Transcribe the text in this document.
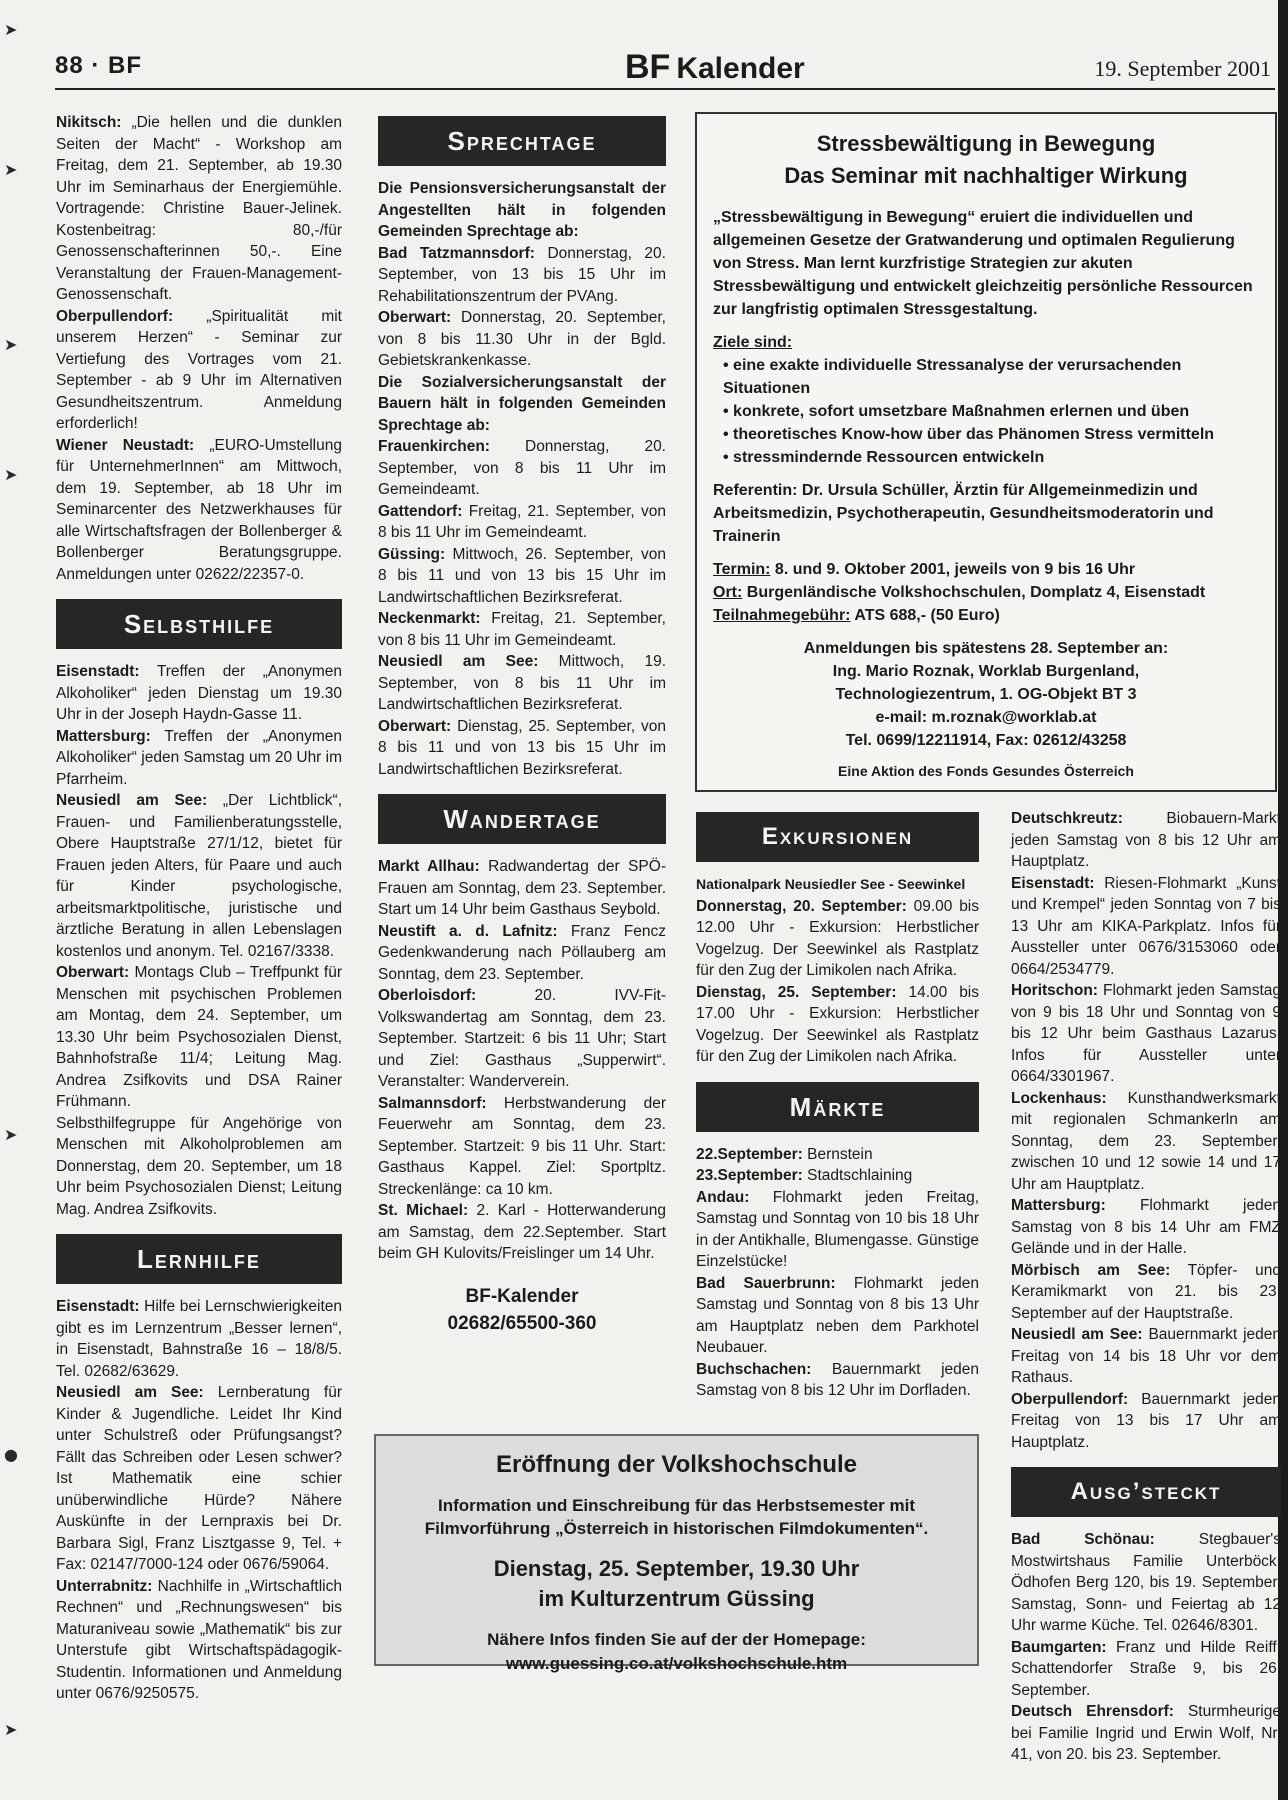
➤
➤
➤
➤
➤
●
➤
88 · BF	BF Kalender	19. September 2001

Nikitsch: „Die hellen und die dunklen Seiten der Macht“ - Workshop am Freitag, dem 21. September, ab 19.30 Uhr im Seminarhaus der Energiemühle. Vortragende: Christine Bauer-Jelinek. Kostenbeitrag: 80,-/für Genossenschafterinnen 50,-. Eine Veranstaltung der Frauen-Management-Genossenschaft.

Oberpullendorf: „Spiritualität mit unserem Herzen“ - Seminar zur Vertiefung des Vortrages vom 21. September - ab 9 Uhr im Alternativen Gesundheitszentrum. Anmeldung erforderlich!

Wiener Neustadt: „EURO-Umstellung für UnternehmerInnen“ am Mittwoch, dem 19. September, ab 18 Uhr im Seminarcenter des Netzwerkhauses für alle Wirtschaftsfragen der Bollenberger & Bollenberger Beratungsgruppe. Anmeldungen unter 02622/22357-0.

Selbsthilfe

Eisenstadt: Treffen der „Anonymen Alkoholiker“ jeden Dienstag um 19.30 Uhr in der Joseph Haydn-Gasse 11.

Mattersburg: Treffen der „Anonymen Alkoholiker“ jeden Samstag um 20 Uhr im Pfarrheim.

Neusiedl am See: „Der Lichtblick“, Frauen- und Familienberatungsstelle, Obere Hauptstraße 27/1/12, bietet für Frauen jeden Alters, für Paare und auch für Kinder psychologische, arbeitsmarktpolitische, juristische und ärztliche Beratung in allen Lebenslagen kostenlos und anonym. Tel. 02167/3338.

Oberwart: Montags Club – Treffpunkt für Menschen mit psychischen Problemen am Montag, dem 24. September, um 13.30 Uhr beim Psychosozialen Dienst, Bahnhofstraße 11/4; Leitung Mag. Andrea Zsifkovits und DSA Rainer Frühmann.

Selbsthilfegruppe für Angehörige von Menschen mit Alkoholproblemen am Donnerstag, dem 20. September, um 18 Uhr beim Psychosozialen Dienst; Leitung Mag. Andrea Zsifkovits.

Lernhilfe

Eisenstadt: Hilfe bei Lernschwierigkeiten gibt es im Lernzentrum „Besser lernen“, in Eisenstadt, Bahnstraße 16 – 18/8/5. Tel. 02682/63629.

Neusiedl am See: Lernberatung für Kinder & Jugendliche. Leidet Ihr Kind unter Schulstreß oder Prüfungsangst? Fällt das Schreiben oder Lesen schwer? Ist Mathematik eine schier unüberwindliche Hürde? Nähere Auskünfte in der Lernpraxis bei Dr. Barbara Sigl, Franz Lisztgasse 9, Tel. + Fax: 02147/7000-124 oder 0676/59064.

Unterrabnitz: Nachhilfe in „Wirtschaftlich Rechnen“ und „Rechnungswesen“ bis Maturaniveau sowie „Mathematik“ bis zur Unterstufe gibt Wirtschaftspädagogik-Studentin. Informationen und Anmeldung unter 0676/9250575.

Sprechtage

Die Pensionsversicherungsanstalt der Angestellten hält in folgenden Gemeinden Sprechtage ab:

Bad Tatzmannsdorf: Donnerstag, 20. September, von 13 bis 15 Uhr im Rehabilitationszentrum der PVAng.

Oberwart: Donnerstag, 20. September, von 8 bis 11.30 Uhr in der Bgld. Gebietskrankenkasse.

Die Sozialversicherungsanstalt der Bauern hält in folgenden Gemeinden Sprechtage ab:

Frauenkirchen: Donnerstag, 20. September, von 8 bis 11 Uhr im Gemeindeamt.

Gattendorf: Freitag, 21. September, von 8 bis 11 Uhr im Gemeindeamt.

Güssing: Mittwoch, 26. September, von 8 bis 11 und von 13 bis 15 Uhr im Landwirtschaftlichen Bezirksreferat.

Neckenmarkt: Freitag, 21. September, von 8 bis 11 Uhr im Gemeindeamt.

Neusiedl am See: Mittwoch, 19. September, von 8 bis 11 Uhr im Landwirtschaftlichen Bezirksreferat.

Oberwart: Dienstag, 25. September, von 8 bis 11 und von 13 bis 15 Uhr im Landwirtschaftlichen Bezirksreferat.

Wandertage

Markt Allhau: Radwandertag der SPÖ-Frauen am Sonntag, dem 23. September. Start um 14 Uhr beim Gasthaus Seybold.

Neustift a. d. Lafnitz: Franz Fencz Gedenkwanderung nach Pöllauberg am Sonntag, dem 23. September.

Oberloisdorf: 20. IVV-Fit-Volkswandertag am Sonntag, dem 23. September. Startzeit: 6 bis 11 Uhr; Start und Ziel: Gasthaus „Supperwirt“. Veranstalter: Wanderverein.

Salmannsdorf: Herbstwanderung der Feuerwehr am Sonntag, dem 23. September. Startzeit: 9 bis 11 Uhr. Start: Gasthaus Kappel. Ziel: Sportpltz. Streckenlänge: ca 10 km.

St. Michael: 2. Karl - Hotterwanderung am Samstag, dem 22.September. Start beim GH Kulovits/Freislinger um 14 Uhr.

BF-Kalender
02682/65500-360
Stressbewältigung in Bewegung
Das Seminar mit nachhaltiger Wirkung

„Stressbewältigung in Bewegung“ eruiert die individuellen und allgemeinen Gesetze der Gratwanderung und optimalen Regulierung von Stress. Man lernt kurzfristige Strategien zur akuten Stressbewältigung und entwickelt gleichzeitig persönliche Ressourcen zur langfristig optimalen Stressgestaltung.

Ziele sind:

• eine exakte individuelle Stressanalyse der verursachenden Situationen
• konkrete, sofort umsetzbare Maßnahmen erlernen und üben
• theoretisches Know-how über das Phänomen Stress vermitteln
• stressmindernde Ressourcen entwickeln

Referentin: Dr. Ursula Schüller, Ärztin für Allgemeinmedizin und Arbeitsmedizin, Psychotherapeutin, Gesundheitsmoderatorin und Trainerin

Termin: 8. und 9. Oktober 2001, jeweils von 9 bis 16 Uhr

Ort: Burgenländische Volkshochschulen, Domplatz 4, Eisenstadt

Teilnahmegebühr: ATS 688,- (50 Euro)

Anmeldungen bis spätestens 28. September an:
Ing. Mario Roznak, Worklab Burgenland,
Technologiezentrum, 1. OG-Objekt BT 3
e-mail: m.roznak@worklab.at
Tel. 0699/12211914, Fax: 02612/43258
Eine Aktion des Fonds Gesundes Österreich
Exkursionen

Nationalpark Neusiedler See - Seewinkel

Donnerstag, 20. September: 09.00 bis 12.00 Uhr - Exkursion: Herbstlicher Vogelzug. Der Seewinkel als Rastplatz für den Zug der Limikolen nach Afrika.

Dienstag, 25. September: 14.00 bis 17.00 Uhr - Exkursion: Herbstlicher Vogelzug. Der Seewinkel als Rastplatz für den Zug der Limikolen nach Afrika.

Märkte

22.September: Bernstein

23.September: Stadtschlaining

Andau: Flohmarkt jeden Freitag, Samstag und Sonntag von 10 bis 18 Uhr in der Antikhalle, Blumengasse. Günstige Einzelstücke!

Bad Sauerbrunn: Flohmarkt jeden Samstag und Sonntag von 8 bis 13 Uhr am Hauptplatz neben dem Parkhotel Neubauer.

Buchschachen: Bauernmarkt jeden Samstag von 8 bis 12 Uhr im Dorfladen.

Deutschkreutz: Biobauern-Markt jeden Samstag von 8 bis 12 Uhr am Hauptplatz.

Eisenstadt: Riesen-Flohmarkt „Kunst und Krempel“ jeden Sonntag von 7 bis 13 Uhr am KIKA-Parkplatz. Infos für Aussteller unter 0676/3153060 oder 0664/2534779.

Horitschon: Flohmarkt jeden Samstag von 9 bis 18 Uhr und Sonntag von 9 bis 12 Uhr beim Gasthaus Lazarus. Infos für Aussteller unter 0664/3301967.

Lockenhaus: Kunsthandwerksmarkt mit regionalen Schmankerln am Sonntag, dem 23. September, zwischen 10 und 12 sowie 14 und 17 Uhr am Hauptplatz.

Mattersburg: Flohmarkt jeden Samstag von 8 bis 14 Uhr am FMZ Gelände und in der Halle.

Mörbisch am See: Töpfer- und Keramikmarkt von 21. bis 23. September auf der Hauptstraße.

Neusiedl am See: Bauernmarkt jeden Freitag von 14 bis 18 Uhr vor dem Rathaus.

Oberpullendorf: Bauernmarkt jeden Freitag von 13 bis 17 Uhr am Hauptplatz.

Ausg’steckt

Bad Schönau: Stegbauer's Mostwirtshaus Familie Unterböck, Ödhofen Berg 120, bis 19. September. Samstag, Sonn- und Feiertag ab 12 Uhr warme Küche. Tel. 02646/8301.

Baumgarten: Franz und Hilde Reiff, Schattendorfer Straße 9, bis 26. September.

Deutsch Ehrensdorf: Sturmheurige bei Familie Ingrid und Erwin Wolf, Nr. 41, von 20. bis 23. September.

Eröffnung der Volkshochschule
Information und Einschreibung für das Herbstsemester mit Filmvorführung „Österreich in historischen Filmdokumenten“.
Dienstag, 25. September, 19.30 Uhr
im Kulturzentrum Güssing
Nähere Infos finden Sie auf der der Homepage:
www.guessing.co.at/volkshochschule.htm
